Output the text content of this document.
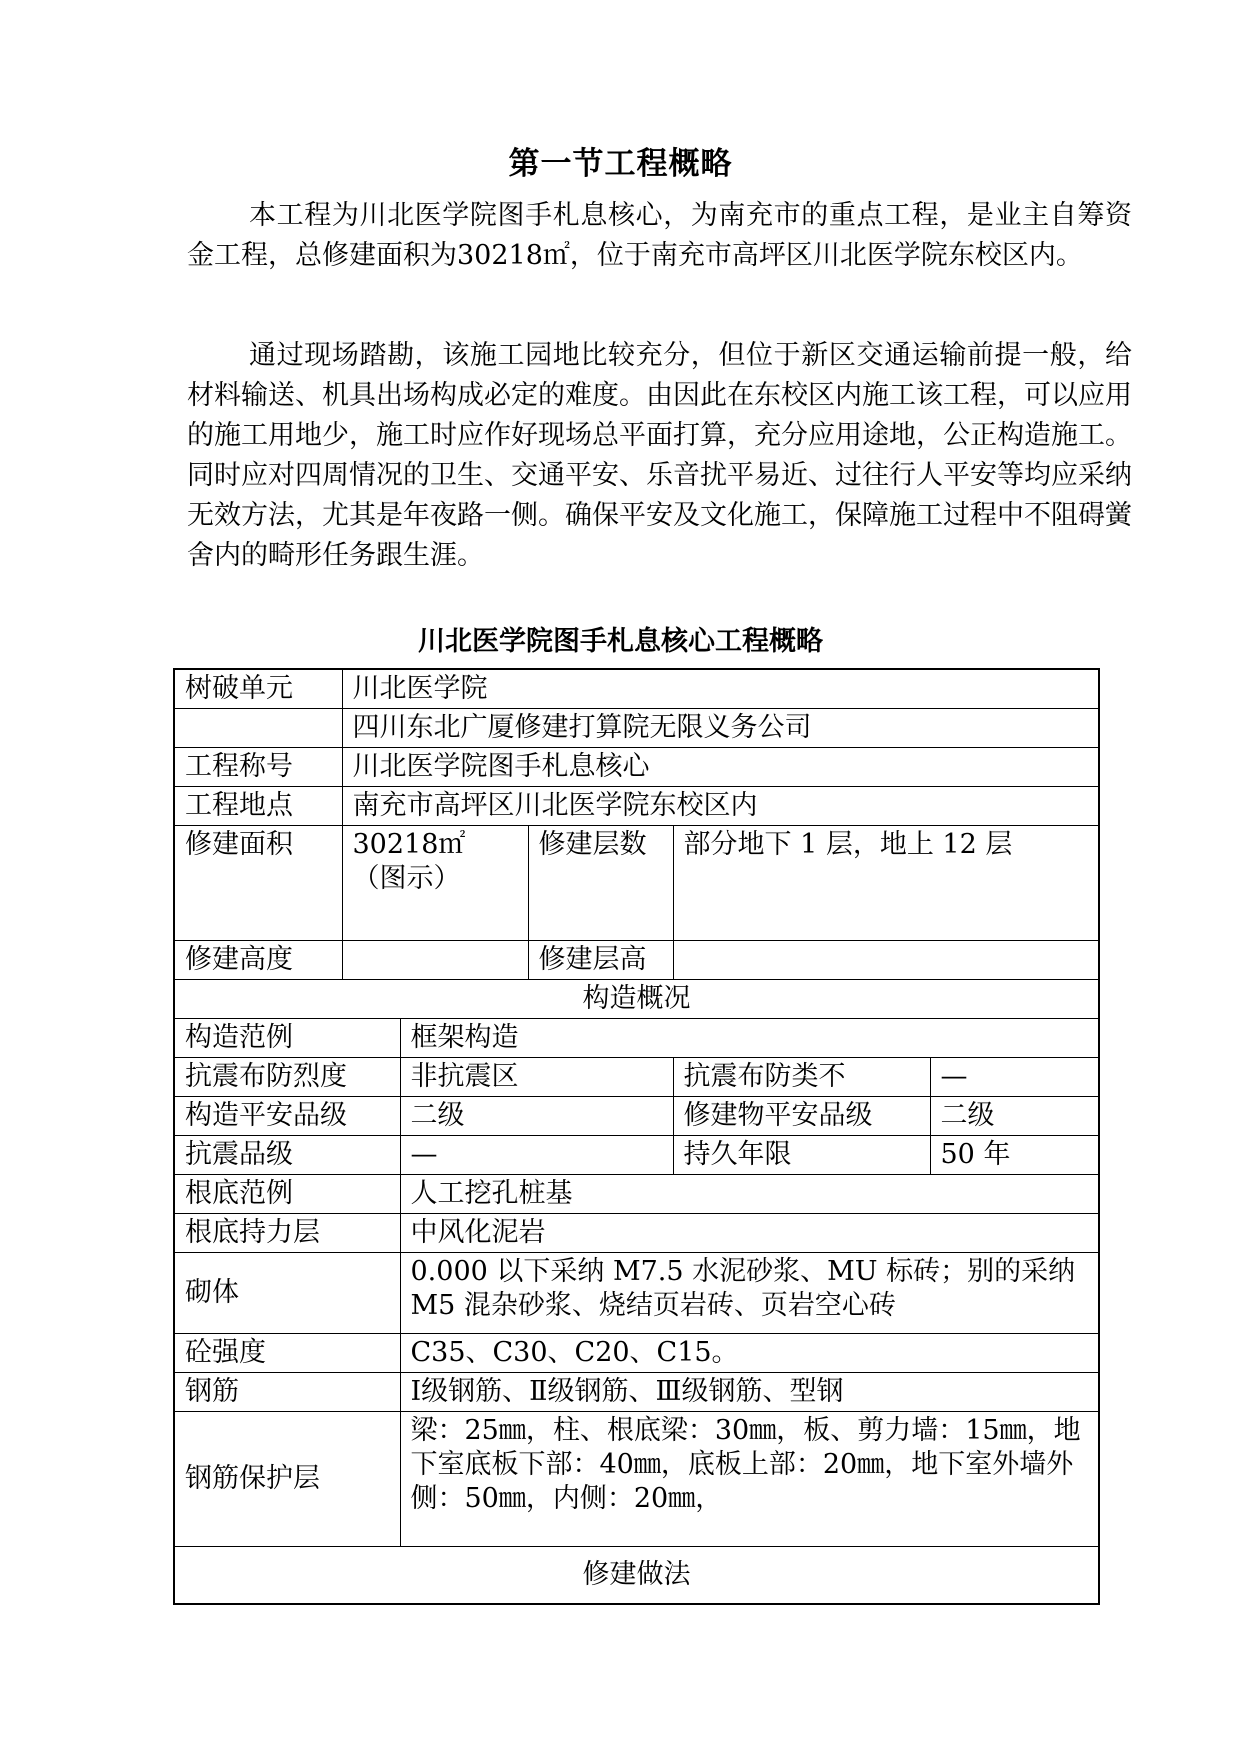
第一节工程概略

本工程为川北医学院图手札息核心，为南充市的重点工程，是业主自筹资金工程，总修建面积为30218㎡，位于南充市高坪区川北医学院东校区内。

通过现场踏勘，该施工园地比较充分，但位于新区交通运输前提一般，给材料输送、机具出场构成必定的难度。由因此在东校区内施工该工程，可以应用的施工用地少，施工时应作好现场总平面打算，充分应用途地，公正构造施工。同时应对四周情况的卫生、交通平安、乐音扰平易近、过往行人平安等均应采纳无效方法，尤其是年夜路一侧。确保平安及文化施工，保障施工过程中不阻碍黉舍内的畸形任务跟生涯。

川北医学院图手札息核心工程概略
树破单元	川北医学院				
	四川东北广厦修建打算院无限义务公司				
工程称号	川北医学院图手札息核心				
工程地点	南充市高坪区川北医学院东校区内				
修建面积	30218㎡（图示）		修建层数	部分地下 1 层，地上 12 层	
修建高度			修建层高		
构造概况					
构造范例		框架构造			
抗震布防烈度		非抗震区		抗震布防类不	—
构造平安品级		二级		修建物平安品级	二级
抗震品级		—		持久年限	50 年
根底范例		人工挖孔桩基			
根底持力层		中风化泥岩			
砌体		0.000 以下采纳 M7.5 水泥砂浆、MU 标砖；别的采纳 M5 混杂砂浆、烧结页岩砖、页岩空心砖			
砼强度		C35、C30、C20、C15。			
钢筋		Ⅰ级钢筋、Ⅱ级钢筋、Ⅲ级钢筋、型钢			
钢筋保护层		梁：25㎜，柱、根底梁：30㎜，板、剪力墙：15㎜，地下室底板下部：40㎜，底板上部：20㎜，地下室外墙外侧：50㎜，内侧：20㎜，			
修建做法					
